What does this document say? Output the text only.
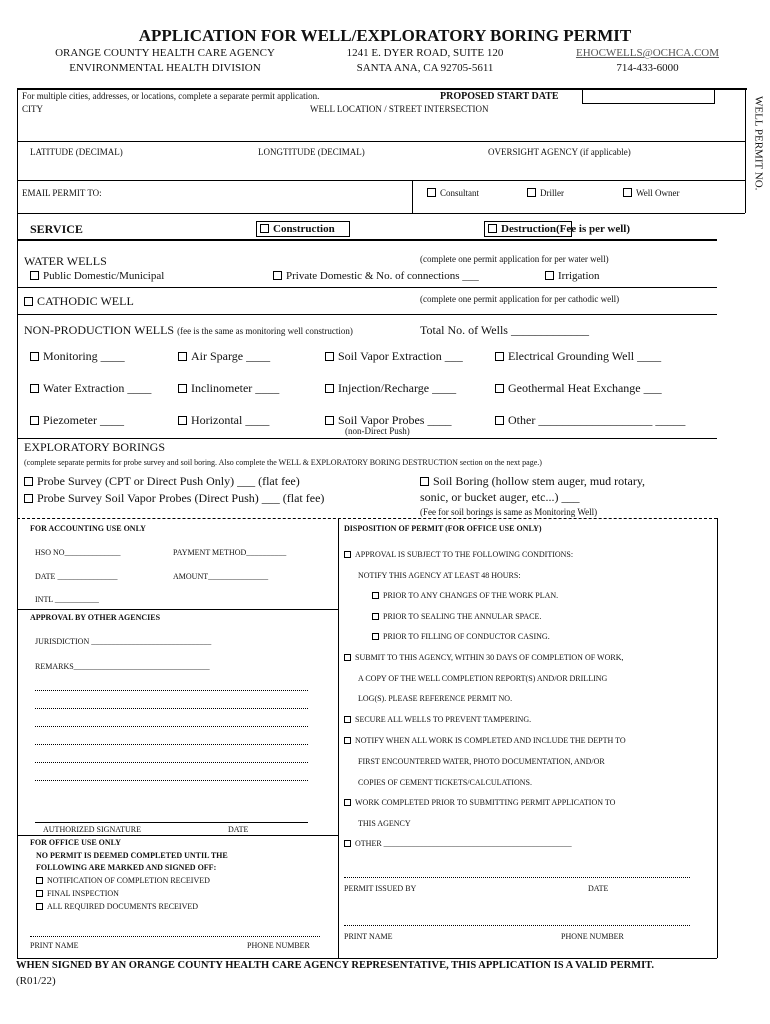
APPLICATION FOR WELL/EXPLORATORY BORING PERMIT
ORANGE COUNTY HEALTH CARE AGENCY
ENVIRONMENTAL HEALTH DIVISION
1241 E. DYER ROAD, SUITE 120
SANTA ANA, CA 92705-5611
EHOCWELLS@OCHCA.COM
714-433-6000
WELL PERMIT NO.
For multiple cities, addresses, or locations, complete a separate permit application.	PROPOSED START DATE
CITY	WELL LOCATION / STREET INTERSECTION
LATITUDE (DECIMAL)	LONGTITUDE (DECIMAL)	OVERSIGHT AGENCY (if applicable)
EMAIL PERMIT TO:	Consultant	Driller	Well Owner
SERVICE	Construction	Destruction(Fee is per well)
WATER WELLS	(complete one permit application for per water well)
Public Domestic/Municipal	Private Domestic & No. of connections ___	Irrigation
CATHODIC WELL	(complete one permit application for per cathodic well)
NON-PRODUCTION WELLS (fee is the same as monitoring well construction)	Total No. of Wells _____________
Monitoring ____	Air Sparge ____	Soil Vapor Extraction ___	Electrical Grounding Well ____
Water Extraction ____	Inclinometer ____	Injection/Recharge ____	Geothermal Heat Exchange ___
Piezometer ____	Horizontal ____	Soil Vapor Probes ____	Other ___________________ _____
(non-Direct Push)
EXPLORATORY BORINGS
(complete separate permits for probe survey and soil boring. Also complete the WELL & EXPLORATORY BORING DESTRUCTION section on the next page.)
Probe Survey (CPT or Direct Push Only) ___ (flat fee)
Probe Survey Soil Vapor Probes (Direct Push) ___ (flat fee)
Soil Boring (hollow stem auger, mud rotary,
sonic, or bucket auger, etc...) ___
(Fee for soil borings is same as Monitoring Well)
FOR ACCOUNTING USE ONLY
HSO NO______________	PAYMENT METHOD__________
DATE _______________	AMOUNT_______________
INTL ___________
APPROVAL BY OTHER AGENCIES
JURISDICTION ______________________________
REMARKS__________________________________
AUTHORIZED SIGNATURE	DATE
FOR OFFICE USE ONLY
NO PERMIT IS DEEMED COMPLETED UNTIL THE
FOLLOWING ARE MARKED AND SIGNED OFF:
NOTIFICATION OF COMPLETION RECEIVED
FINAL INSPECTION
ALL REQUIRED DOCUMENTS RECEIVED
PRINT NAME	PHONE NUMBER
DISPOSITION OF PERMIT (FOR OFFICE USE ONLY)
APPROVAL IS SUBJECT TO THE FOLLOWING CONDITIONS:
NOTIFY THIS AGENCY AT LEAST 48 HOURS:
PRIOR TO ANY CHANGES OF THE WORK PLAN.
PRIOR TO SEALING THE ANNULAR SPACE.
PRIOR TO FILLING OF CONDUCTOR CASING.
SUBMIT TO THIS AGENCY, WITHIN 30 DAYS OF COMPLETION OF WORK,
A COPY OF THE WELL COMPLETION REPORT(S) AND/OR DRILLING
LOG(S). PLEASE REFERENCE PERMIT NO.
SECURE ALL WELLS TO PREVENT TAMPERING.
NOTIFY WHEN ALL WORK IS COMPLETED AND INCLUDE THE DEPTH TO
FIRST ENCOUNTERED WATER, PHOTO DOCUMENTATION, AND/OR
COPIES OF CEMENT TICKETS/CALCULATIONS.
WORK COMPLETED PRIOR TO SUBMITTING PERMIT APPLICATION TO
THIS AGENCY
OTHER _______________________________________________
PERMIT ISSUED BY	DATE
PRINT NAME	PHONE NUMBER
WHEN SIGNED BY AN ORANGE COUNTY HEALTH CARE AGENCY REPRESENTATIVE, THIS APPLICATION IS A VALID PERMIT.
(R01/22)
